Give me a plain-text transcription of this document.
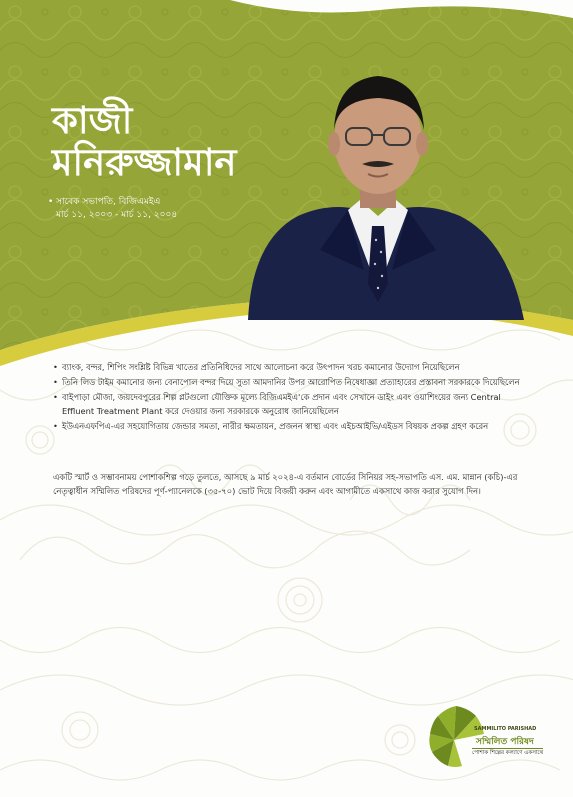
কাজী
মনিরুজ্জামান
• সাবেক সভাপতি, বিজিএমইএ
মার্চ ১১, ২০০৩ - মার্চ ১১, ২০০৪
• ব্যাংক, বন্দর, শিপিং সংশ্লিষ্ট বিভিন্ন খাতের প্রতিনিধিদের সাথে আলোচনা করে উৎপাদন খরচ কমানোর উদ্যোগ নিয়েছিলেন
• তিনি লিড টাইম কমানোর জন্য বেনাপোল বন্দর দিয়ে সুতা আমদানির উপর আরোপিত নিষেধাজ্ঞা প্রত্যাহারের প্রস্তাবনা সরকারকে দিয়েছিলেন
• বাইপাড়া মৌজা, জয়দেবপুরের শিল্প প্লটগুলো যৌক্তিক মূল্যে বিজিএমইএ'কে প্রদান এবং সেখানে ডাইং এবং ওয়াশিংয়ের জন্য Central Effluent Treatment Plant করে দেওয়ার জন্য সরকারকে অনুরোধ জানিয়েছিলেন
• ইউএনএফপিএ-এর সহযোগিতায় জেন্ডার সমতা, নারীর ক্ষমতায়ন, প্রজনন স্বাস্থ্য এবং এইচআইভি/এইডস বিষয়ক প্রকল্প গ্রহণ করেন

একটি স্মার্ট ও সম্ভাবনাময় পোশাকশিল্প গড়ে তুলতে, আসছে ৯ মার্চ ২০২৪-এ বর্তমান বোর্ডের সিনিয়র সহ-সভাপতি এস. এম. মান্নান (কচি)-এর নেতৃত্বাধীন সম্মিলিত পরিষদের পূর্ণ-প্যানেলকে (৩৫-৭০) ভোট দিয়ে বিজয়ী করুন এবং আগামীতে একসাথে কাজ করার সুযোগ দিন।

SAMMILITO PARISHAD
সম্মিলিত পরিষদ
পোশাক শিল্পের কল্যাণে একসাথে
